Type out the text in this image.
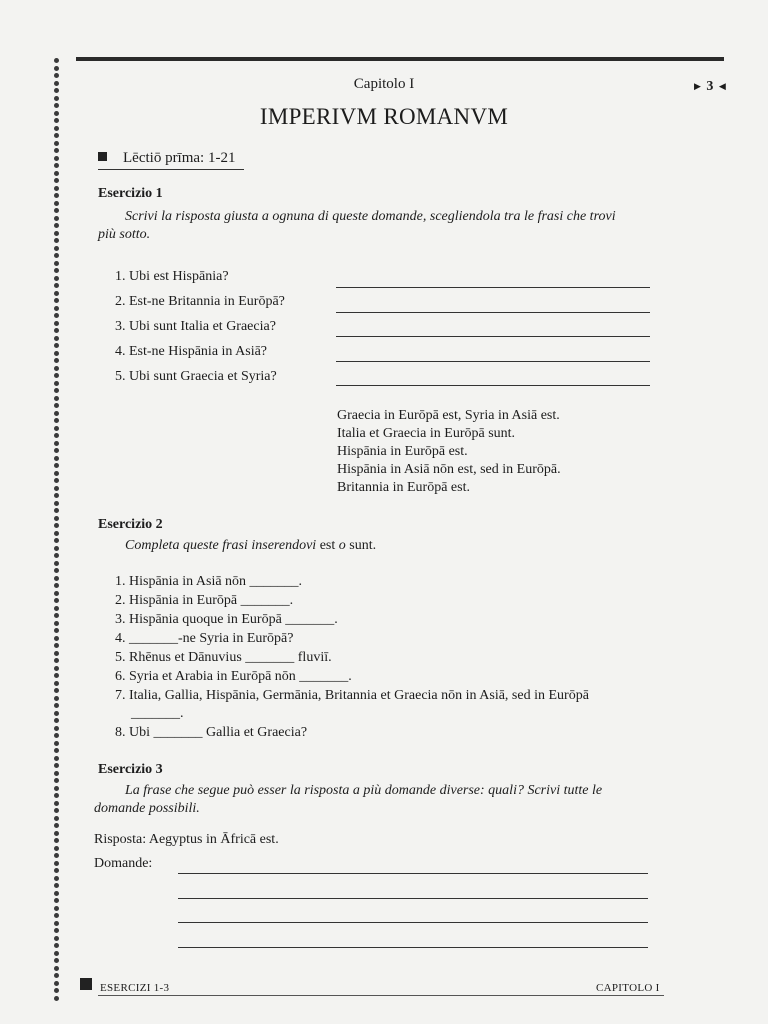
Capitolo I	▶ 3 ◀
IMPERIVM ROMANVM
Lēctiō prīma: 1-21
Esercizio 1
Scrivi la risposta giusta a ognuna di queste domande, scegliendola tra le frasi che trovi
più sotto.
1. Ubi est Hispānia?
2. Est-ne Britannia in Eurōpā?
3. Ubi sunt Italia et Graecia?
4. Est-ne Hispānia in Asiā?
5. Ubi sunt Graecia et Syria?
Graecia in Eurōpā est, Syria in Asiā est.
Italia et Graecia in Eurōpā sunt.
Hispānia in Eurōpā est.
Hispānia in Asiā nōn est, sed in Eurōpā.
Britannia in Eurōpā est.
Esercizio 2
Completa queste frasi inserendovi est o sunt.
1. Hispānia in Asiā nōn _______.
2. Hispānia in Eurōpā _______.
3. Hispānia quoque in Eurōpā _______.
4. _______-ne Syria in Eurōpā?
5. Rhēnus et Dānuvius _______ fluviī.
6. Syria et Arabia in Eurōpā nōn _______.
7. Italia, Gallia, Hispānia, Germānia, Britannia et Graecia nōn in Asiā, sed in Eurōpā
_______.
8. Ubi _______ Gallia et Graecia?
Esercizio 3
La frase che segue può esser la risposta a più domande diverse: quali? Scrivi tutte le
domande possibili.
Risposta: Aegyptus in Āfricā est.
Domande:
ESERCIZI 1-3	CAPITOLO I
